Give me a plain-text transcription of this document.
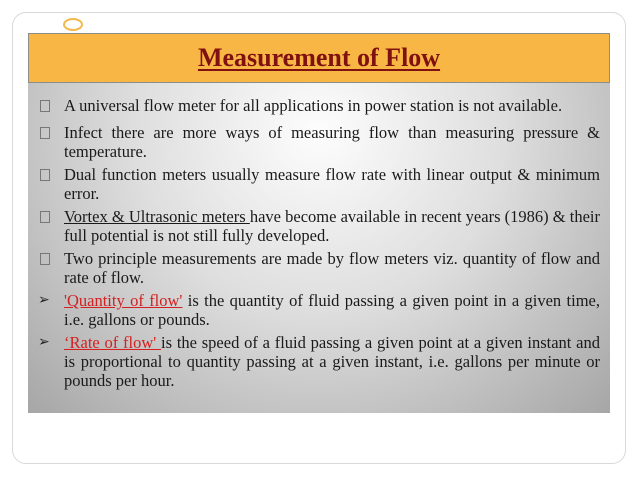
Measurement of Flow
A universal flow meter for all applications in power station is not available.
Infect there are more ways of measuring flow than measuring pressure & temperature.
Dual function meters usually measure flow rate with linear output & minimum error.
Vortex & Ultrasonic meters have become available in recent years (1986) & their full potential is not still fully developed.
Two principle measurements are made by flow meters viz. quantity of flow and rate of flow.
➢ 'Quantity of flow' is the quantity of fluid passing a given point in a given time, i.e. gallons or pounds.
➢ ‘Rate of flow' is the speed of a fluid passing a given point at a given instant and is proportional to quantity passing at a given instant, i.e. gallons per minute or pounds per hour.
